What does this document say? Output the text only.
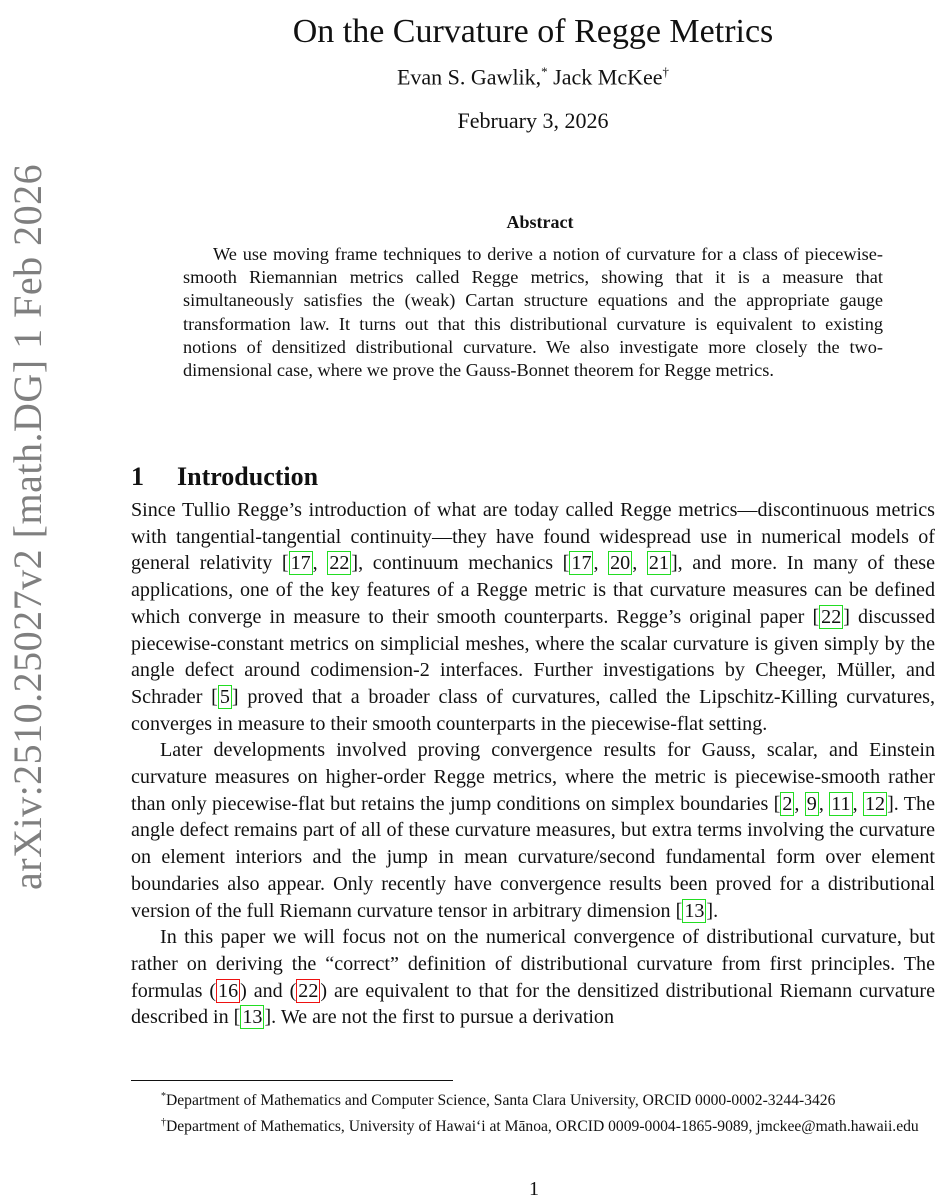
arXiv:2510.25027v2 [math.DG] 1 Feb 2026
On the Curvature of Regge Metrics
Evan S. Gawlik,* Jack McKee†
February 3, 2026
Abstract
We use moving frame techniques to derive a notion of curvature for a class of piecewise-smooth Riemannian metrics called Regge metrics, showing that it is a measure that simultaneously satisfies the (weak) Cartan structure equations and the appropriate gauge transformation law. It turns out that this distributional curvature is equivalent to existing notions of densitized distributional curvature. We also investigate more closely the two-dimensional case, where we prove the Gauss-Bonnet theorem for Regge metrics.
1 Introduction

Since Tullio Regge’s introduction of what are today called Regge metrics—discontinuous metrics with tangential-tangential continuity—they have found widespread use in numerical models of general relativity [17, 22], continuum mechanics [17, 20, 21], and more. In many of these applications, one of the key features of a Regge metric is that curvature measures can be defined which converge in measure to their smooth counterparts. Regge’s original paper [22] discussed piecewise-constant metrics on simplicial meshes, where the scalar curvature is given simply by the angle defect around codimension-2 interfaces. Further investigations by Cheeger, Müller, and Schrader [5] proved that a broader class of curvatures, called the Lipschitz-Killing curvatures, converges in measure to their smooth counterparts in the piecewise-flat setting.

Later developments involved proving convergence results for Gauss, scalar, and Einstein curvature measures on higher-order Regge metrics, where the metric is piecewise-smooth rather than only piecewise-flat but retains the jump conditions on simplex boundaries [2, 9, 11, 12]. The angle defect remains part of all of these curvature measures, but extra terms involving the curvature on element interiors and the jump in mean curvature/second fundamental form over element boundaries also appear. Only recently have convergence results been proved for a distributional version of the full Riemann curvature tensor in arbitrary dimension [13].

In this paper we will focus not on the numerical convergence of distributional curvature, but rather on deriving the “correct” definition of distributional curvature from first principles. The formulas (16) and (22) are equivalent to that for the densitized distributional Riemann curvature described in [13]. We are not the first to pursue a derivation

*Department of Mathematics and Computer Science, Santa Clara University, ORCID 0000-0002-3244-3426

†Department of Mathematics, University of Hawaiʻi at Mānoa, ORCID 0009-0004-1865-9089, jmckee@math.hawaii.edu

1
